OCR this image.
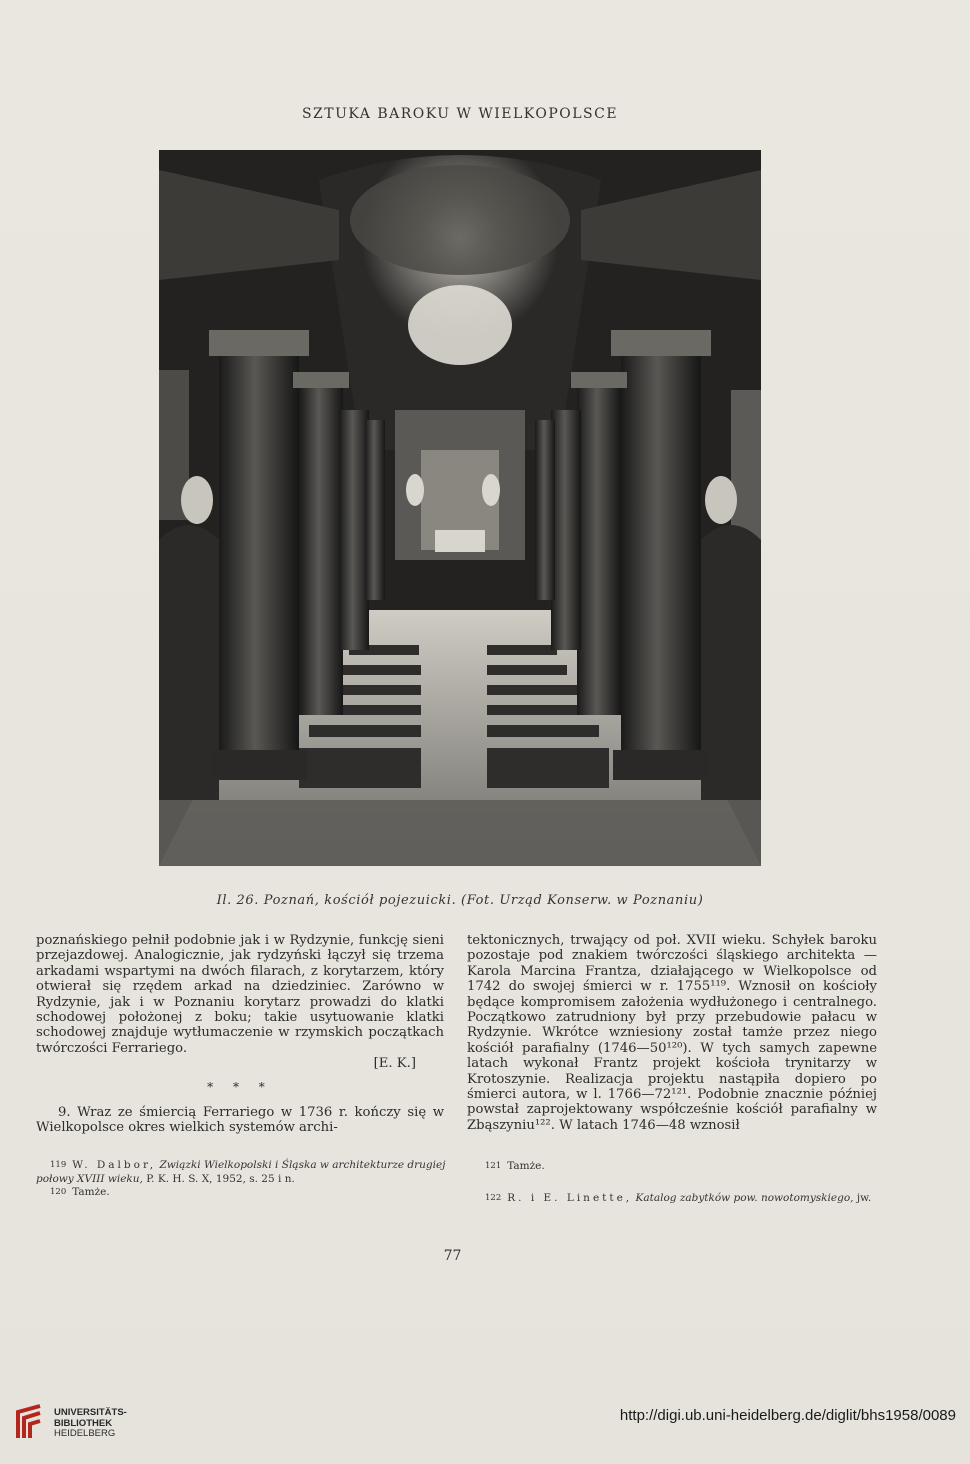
SZTUKA BAROKU W WIELKOPOLSCE
Il. 26. Poznań, kościół pojezuicki. (Fot. Urząd Konserw. w Poznaniu)

poznańskiego pełnił podobnie jak i w Rydzynie, funkcję sieni przejazdowej. Analogicznie, jak rydzyński łączył się trzema arkadami wspartymi na dwóch filarach, z korytarzem, który otwierał się rzędem arkad na dziedziniec. Zarówno w Rydzynie, jak i w Poznaniu korytarz prowadzi do klatki schodowej położonej z boku; takie usytuowanie klatki schodowej znajduje wytłumaczenie w rzymskich początkach twórczości Ferrariego.

[E. K.]
* * *

9. Wraz ze śmiercią Ferrariego w 1736 r. kończy się w Wielkopolsce okres wielkich systemów archi-

tektonicznych, trwający od poł. XVII wieku. Schyłek baroku pozostaje pod znakiem twórczości śląskiego architekta — Karola Marcina Frantza, działającego w Wielkopolsce od 1742 do swojej śmierci w r. 1755¹¹⁹. Wznosił on kościoły będące kompromisem założenia wydłużonego i centralnego. Początkowo zatrudniony był przy przebudowie pałacu w Rydzynie. Wkrótce wzniesiony został tamże przez niego kościół parafialny (1746—50¹²⁰). W tych samych zapewne latach wykonał Frantz projekt kościoła trynitarzy w Krotoszynie. Realizacja projektu nastąpiła dopiero po śmierci autora, w l. 1766—72¹²¹. Podobnie znacznie później powstał zaprojektowany współcześnie kościół parafialny w Zbąszyniu¹²². W latach 1746—48 wznosił

119 W. Dalbor, Związki Wielkopolski i Śląska w architekturze drugiej połowy XVIII wieku, P. K. H. S. X, 1952, s. 25 i n.
120 Tamże.
121 Tamże.
122 R. i E. Linette, Katalog zabytków pow. nowotomyskiego, jw.
77
UNIVERSITÄTS-
BIBLIOTHEK
HEIDELBERG
http://digi.ub.uni-heidelberg.de/diglit/bhs1958/0089
